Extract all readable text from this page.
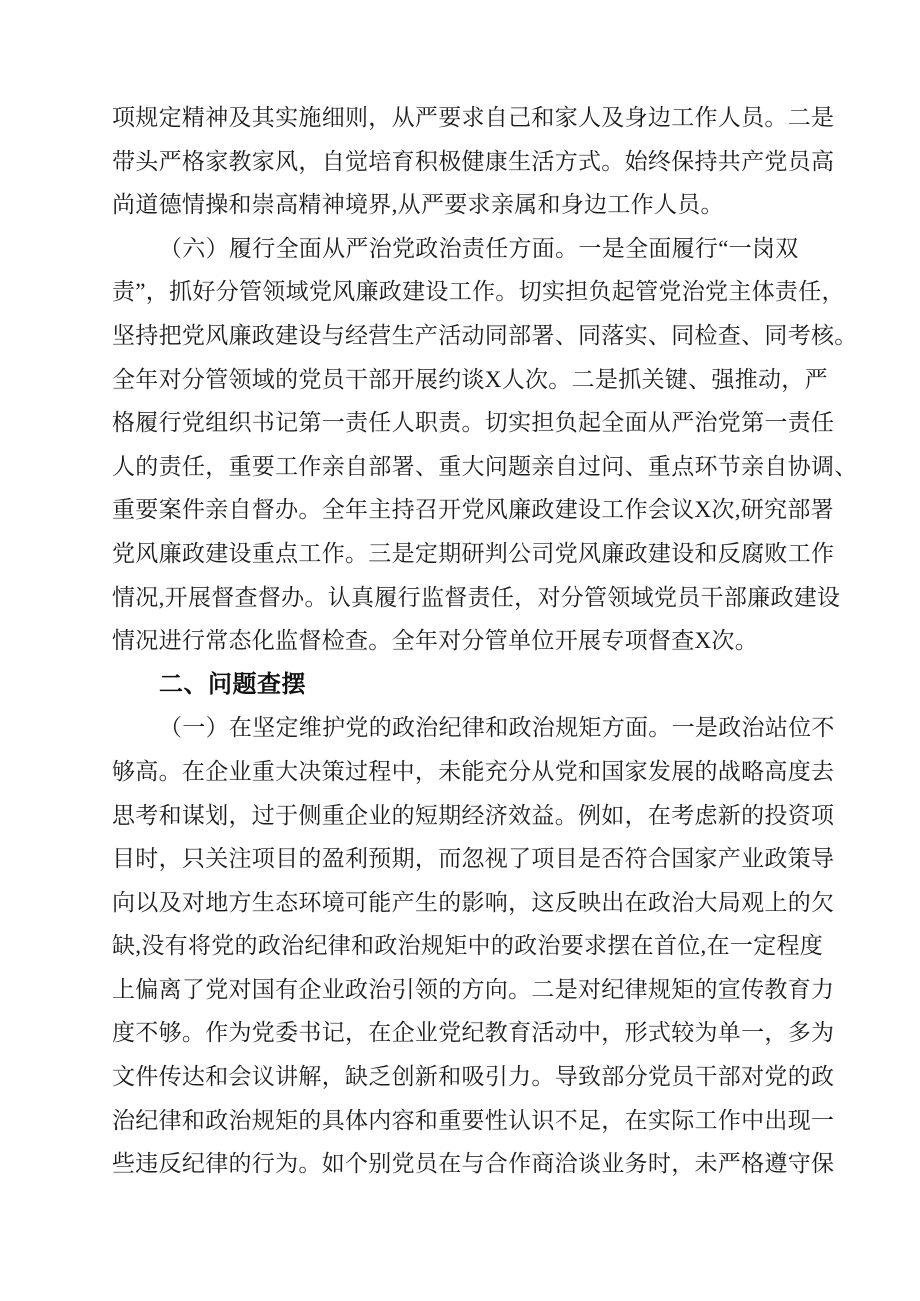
项规定精神及其实施细则，从严要求自己和家人及身边工作人员。二是
带头严格家教家风，自觉培育积极健康生活方式。始终保持共产党员高
尚道德情操和崇高精神境界,从严要求亲属和身边工作人员。
（六）履行全面从严治党政治责任方面。一是全面履行“一岗双
责”，抓好分管领域党风廉政建设工作。切实担负起管党治党主体责任，
坚持把党风廉政建设与经营生产活动同部署、同落实、同检查、同考核。
全年对分管领域的党员干部开展约谈X人次。二是抓关键、强推动，严
格履行党组织书记第一责任人职责。切实担负起全面从严治党第一责任
人的责任，重要工作亲自部署、重大问题亲自过问、重点环节亲自协调、
重要案件亲自督办。全年主持召开党风廉政建设工作会议X次,研究部署
党风廉政建设重点工作。三是定期研判公司党风廉政建设和反腐败工作
情况,开展督查督办。认真履行监督责任，对分管领域党员干部廉政建设
情况进行常态化监督检查。全年对分管单位开展专项督查X次。
二、问题查摆
（一）在坚定维护党的政治纪律和政治规矩方面。一是政治站位不
够高。在企业重大决策过程中，未能充分从党和国家发展的战略高度去
思考和谋划，过于侧重企业的短期经济效益。例如，在考虑新的投资项
目时，只关注项目的盈利预期，而忽视了项目是否符合国家产业政策导
向以及对地方生态环境可能产生的影响，这反映出在政治大局观上的欠
缺,没有将党的政治纪律和政治规矩中的政治要求摆在首位,在一定程度
上偏离了党对国有企业政治引领的方向。二是对纪律规矩的宣传教育力
度不够。作为党委书记，在企业党纪教育活动中，形式较为单一，多为
文件传达和会议讲解，缺乏创新和吸引力。导致部分党员干部对党的政
治纪律和政治规矩的具体内容和重要性认识不足，在实际工作中出现一
些违反纪律的行为。如个别党员在与合作商洽谈业务时，未严格遵守保
